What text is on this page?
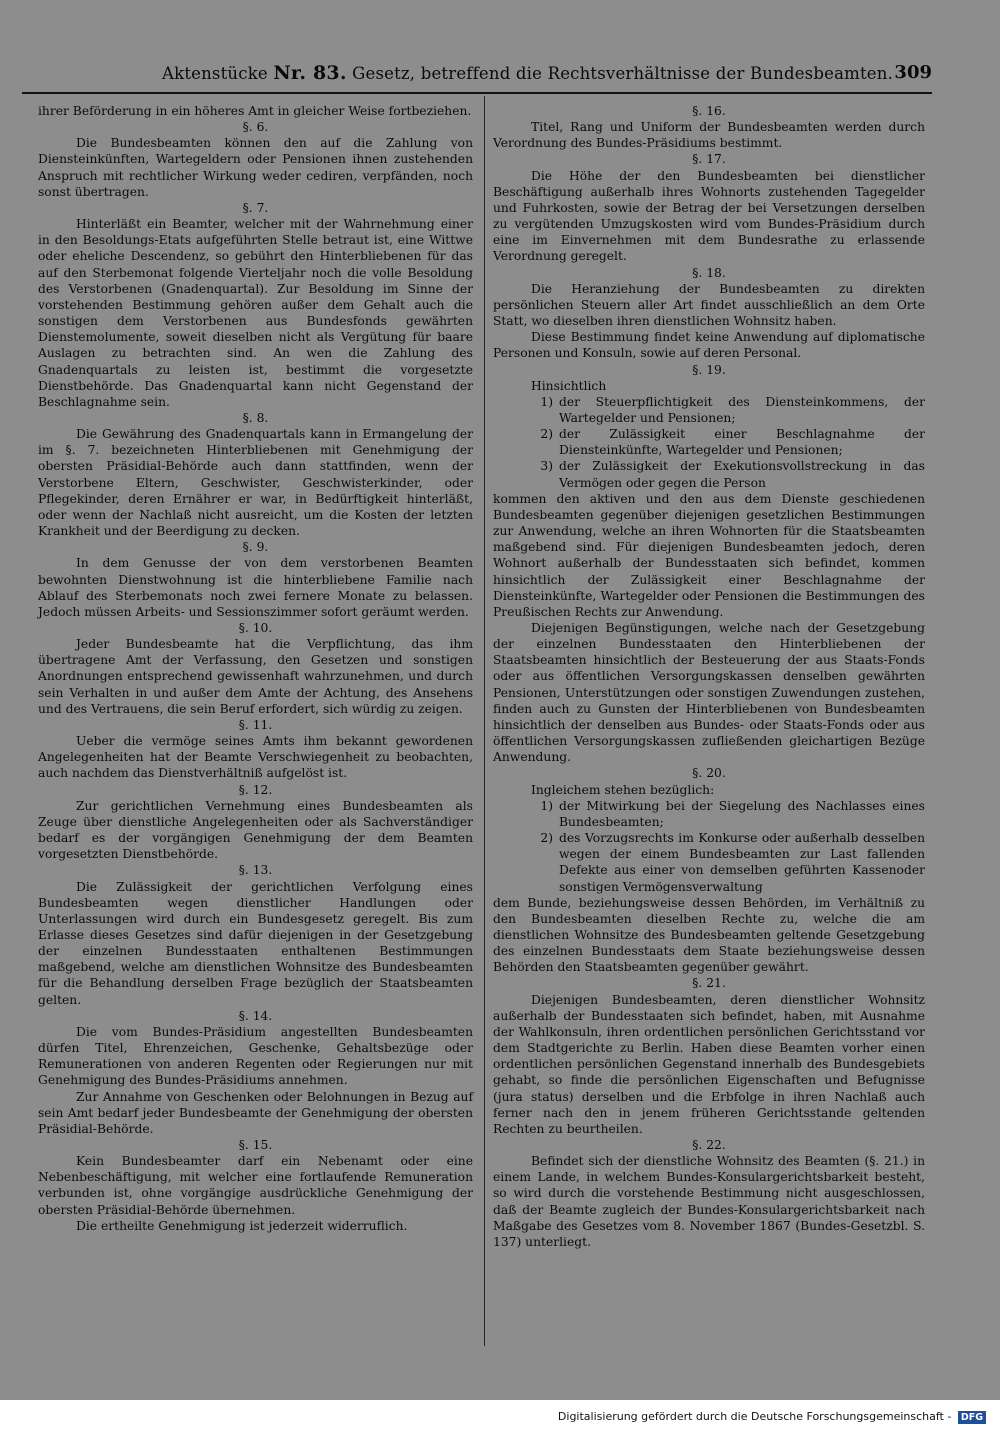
Aktenstücke Nr. 83. Gesetz, betreffend die Rechtsverhältnisse der Bundesbeamten. 309

ihrer Beförderung in ein höheres Amt in gleicher Weise fortbeziehen.

§. 6.

Die Bundesbeamten können den auf die Zahlung von Diensteinkünften, Wartegeldern oder Pensionen ihnen zustehenden Anspruch mit rechtlicher Wirkung weder cediren, verpfänden, noch sonst übertragen.

§. 7.

Hinterläßt ein Beamter, welcher mit der Wahrnehmung einer in den Besoldungs-Etats aufgeführten Stelle betraut ist, eine Wittwe oder eheliche Descendenz, so gebührt den Hinterbliebenen für das auf den Sterbemonat folgende Vierteljahr noch die volle Besoldung des Verstorbenen (Gnadenquartal). Zur Besoldung im Sinne der vorstehenden Bestimmung gehören außer dem Gehalt auch die sonstigen dem Verstorbenen aus Bundesfonds gewährten Dienstemolumente, soweit dieselben nicht als Vergütung für baare Auslagen zu betrachten sind. An wen die Zahlung des Gnadenquartals zu leisten ist, bestimmt die vorgesetzte Dienstbehörde. Das Gnadenquartal kann nicht Gegenstand der Beschlagnahme sein.

§. 8.

Die Gewährung des Gnadenquartals kann in Ermangelung der im §. 7. bezeichneten Hinterbliebenen mit Genehmigung der obersten Präsidial-Behörde auch dann stattfinden, wenn der Verstorbene Eltern, Geschwister, Geschwisterkinder, oder Pflegekinder, deren Ernährer er war, in Bedürftigkeit hinterläßt, oder wenn der Nachlaß nicht ausreicht, um die Kosten der letzten Krankheit und der Beerdigung zu decken.

§. 9.

In dem Genusse der von dem verstorbenen Beamten bewohnten Dienstwohnung ist die hinterbliebene Familie nach Ablauf des Sterbemonats noch zwei fernere Monate zu belassen. Jedoch müssen Arbeits- und Sessionszimmer sofort geräumt werden.

§. 10.

Jeder Bundesbeamte hat die Verpflichtung, das ihm übertragene Amt der Verfassung, den Gesetzen und sonstigen Anordnungen entsprechend gewissenhaft wahrzunehmen, und durch sein Verhalten in und außer dem Amte der Achtung, des Ansehens und des Vertrauens, die sein Beruf erfordert, sich würdig zu zeigen.

§. 11.

Ueber die vermöge seines Amts ihm bekannt gewordenen Angelegenheiten hat der Beamte Verschwiegenheit zu beobachten, auch nachdem das Dienstverhältniß aufgelöst ist.

§. 12.

Zur gerichtlichen Vernehmung eines Bundesbeamten als Zeuge über dienstliche Angelegenheiten oder als Sachverständiger bedarf es der vorgängigen Genehmigung der dem Beamten vorgesetzten Dienstbehörde.

§. 13.

Die Zulässigkeit der gerichtlichen Verfolgung eines Bundesbeamten wegen dienstlicher Handlungen oder Unterlassungen wird durch ein Bundesgesetz geregelt. Bis zum Erlasse dieses Gesetzes sind dafür diejenigen in der Gesetzgebung der einzelnen Bundesstaaten enthaltenen Bestimmungen maßgebend, welche am dienstlichen Wohnsitze des Bundesbeamten für die Behandlung derselben Frage bezüglich der Staatsbeamten gelten.

§. 14.

Die vom Bundes-Präsidium angestellten Bundesbeamten dürfen Titel, Ehrenzeichen, Geschenke, Gehaltsbezüge oder Remunerationen von anderen Regenten oder Regierungen nur mit Genehmigung des Bundes-Präsidiums annehmen.

Zur Annahme von Geschenken oder Belohnungen in Bezug auf sein Amt bedarf jeder Bundesbeamte der Genehmigung der obersten Präsidial-Behörde.

§. 15.

Kein Bundesbeamter darf ein Nebenamt oder eine Nebenbeschäftigung, mit welcher eine fortlaufende Remuneration verbunden ist, ohne vorgängige ausdrückliche Genehmigung der obersten Präsidial-Behörde übernehmen.

Die ertheilte Genehmigung ist jederzeit widerruflich.

§. 16.

Titel, Rang und Uniform der Bundesbeamten werden durch Verordnung des Bundes-Präsidiums bestimmt.

§. 17.

Die Höhe der den Bundesbeamten bei dienstlicher Beschäftigung außerhalb ihres Wohnorts zustehenden Tagegelder und Fuhrkosten, sowie der Betrag der bei Versetzungen derselben zu vergütenden Umzugskosten wird vom Bundes-Präsidium durch eine im Einvernehmen mit dem Bundesrathe zu erlassende Verordnung geregelt.

§. 18.

Die Heranziehung der Bundesbeamten zu direkten persönlichen Steuern aller Art findet ausschließlich an dem Orte Statt, wo dieselben ihren dienstlichen Wohnsitz haben.

Diese Bestimmung findet keine Anwendung auf diplomatische Personen und Konsuln, sowie auf deren Personal.

§. 19.

Hinsichtlich

1) der Steuerpflichtigkeit des Diensteinkommens, der Wartegelder und Pensionen;
2) der Zulässigkeit einer Beschlagnahme der Diensteinkünfte, Wartegelder und Pensionen;
3) der Zulässigkeit der Exekutionsvollstreckung in das Vermögen oder gegen die Person

kommen den aktiven und den aus dem Dienste geschiedenen Bundesbeamten gegenüber diejenigen gesetzlichen Bestimmungen zur Anwendung, welche an ihren Wohnorten für die Staatsbeamten maßgebend sind. Für diejenigen Bundesbeamten jedoch, deren Wohnort außerhalb der Bundesstaaten sich befindet, kommen hinsichtlich der Zulässigkeit einer Beschlagnahme der Diensteinkünfte, Wartegelder oder Pensionen die Bestimmungen des Preußischen Rechts zur Anwendung.

Diejenigen Begünstigungen, welche nach der Gesetzgebung der einzelnen Bundesstaaten den Hinterbliebenen der Staatsbeamten hinsichtlich der Besteuerung der aus Staats-Fonds oder aus öffentlichen Versorgungskassen denselben gewährten Pensionen, Unterstützungen oder sonstigen Zuwendungen zustehen, finden auch zu Gunsten der Hinterbliebenen von Bundesbeamten hinsichtlich der denselben aus Bundes- oder Staats-Fonds oder aus öffentlichen Versorgungskassen zufließenden gleichartigen Bezüge Anwendung.

§. 20.

Ingleichem stehen bezüglich:

1) der Mitwirkung bei der Siegelung des Nachlasses eines Bundesbeamten;
2) des Vorzugsrechts im Konkurse oder außerhalb desselben wegen der einem Bundesbeamten zur Last fallenden Defekte aus einer von demselben geführten Kassenoder sonstigen Vermögensverwaltung

dem Bunde, beziehungsweise dessen Behörden, im Verhältniß zu den Bundesbeamten dieselben Rechte zu, welche die am dienstlichen Wohnsitze des Bundesbeamten geltende Gesetzgebung des einzelnen Bundesstaats dem Staate beziehungsweise dessen Behörden den Staatsbeamten gegenüber gewährt.

§. 21.

Diejenigen Bundesbeamten, deren dienstlicher Wohnsitz außerhalb der Bundesstaaten sich befindet, haben, mit Ausnahme der Wahlkonsuln, ihren ordentlichen persönlichen Gerichtsstand vor dem Stadtgerichte zu Berlin. Haben diese Beamten vorher einen ordentlichen persönlichen Gegenstand innerhalb des Bundesgebiets gehabt, so finde die persönlichen Eigenschaften und Befugnisse (jura status) derselben und die Erbfolge in ihren Nachlaß auch ferner nach den in jenem früheren Gerichtsstande geltenden Rechten zu beurtheilen.

§. 22.

Befindet sich der dienstliche Wohnsitz des Beamten (§. 21.) in einem Lande, in welchem Bundes-Konsulargerichtsbarkeit besteht, so wird durch die vorstehende Bestimmung nicht ausgeschlossen, daß der Beamte zugleich der Bundes-Konsulargerichtsbarkeit nach Maßgabe des Gesetzes vom 8. November 1867 (Bundes-Gesetzbl. S. 137) unterliegt.

Digitalisierung gefördert durch die Deutsche Forschungsgemeinschaft - DFG
